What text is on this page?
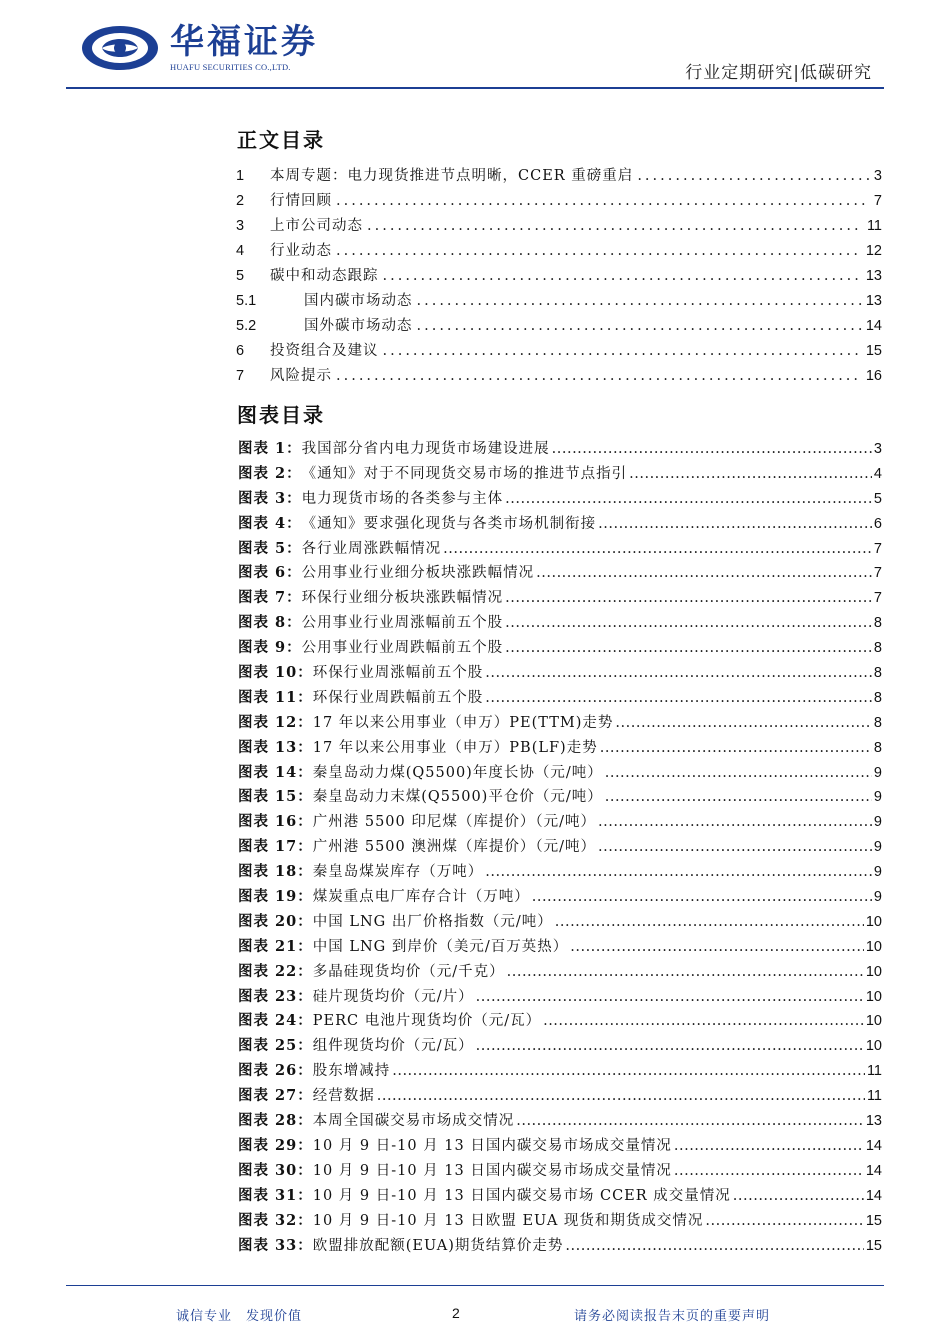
华福证券
HUAFU SECURITIES CO.,LTD.	行业定期研究|低碳研究
正文目录
1	本周专题：电力现货推进节点明晰，CCER 重磅重启 .....	3
2	行情回顾 .....	7
3	上市公司动态 .....	11
4	行业动态 .....	12
5	碳中和动态跟踪 .....	13
5.1	国内碳市场动态 .....	13
5.2	国外碳市场动态 .....	14
6	投资组合及建议 .....	15
7	风险提示 .....	16
图表目录
图表 1： 我国部分省内电力现货市场建设进展 .....	3
图表 2： 《通知》对于不同现货交易市场的推进节点指引 .....	4
图表 3： 电力现货市场的各类参与主体 .....	5
图表 4： 《通知》要求强化现货与各类市场机制衔接 .....	6
图表 5： 各行业周涨跌幅情况 .....	7
图表 6： 公用事业行业细分板块涨跌幅情况 .....	7
图表 7： 环保行业细分板块涨跌幅情况 .....	7
图表 8： 公用事业行业周涨幅前五个股 .....	8
图表 9： 公用事业行业周跌幅前五个股 .....	8
图表 10： 环保行业周涨幅前五个股 .....	8
图表 11： 环保行业周跌幅前五个股 .....	8
图表 12： 17 年以来公用事业（申万）PE(TTM)走势 .....	8
图表 13： 17 年以来公用事业（申万）PB(LF)走势 .....	8
图表 14： 秦皇岛动力煤(Q5500)年度长协（元/吨） .....	9
图表 15： 秦皇岛动力末煤(Q5500)平仓价（元/吨） .....	9
图表 16： 广州港 5500 印尼煤（库提价）（元/吨） .....	9
图表 17： 广州港 5500 澳洲煤（库提价）（元/吨） .....	9
图表 18： 秦皇岛煤炭库存（万吨） .....	9
图表 19： 煤炭重点电厂库存合计（万吨） .....	9
图表 20： 中国 LNG 出厂价格指数（元/吨） .....	10
图表 21： 中国 LNG 到岸价（美元/百万英热） .....	10
图表 22： 多晶硅现货均价（元/千克） .....	10
图表 23： 硅片现货均价（元/片） .....	10
图表 24： PERC 电池片现货均价（元/瓦） .....	10
图表 25： 组件现货均价（元/瓦） .....	10
图表 26： 股东增减持 .....	11
图表 27： 经营数据 .....	11
图表 28： 本周全国碳交易市场成交情况 .....	13
图表 29： 10 月 9 日-10 月 13 日国内碳交易市场成交量情况 .....	14
图表 30： 10 月 9 日-10 月 13 日国内碳交易市场成交量情况 .....	14
图表 31： 10 月 9 日-10 月 13 日国内碳交易市场 CCER 成交量情况 .....	14
图表 32： 10 月 9 日-10 月 13 日欧盟 EUA 现货和期货成交情况 .....	15
图表 33： 欧盟排放配额(EUA)期货结算价走势 .....	15
诚信专业　发现价值	2	请务必阅读报告末页的重要声明
